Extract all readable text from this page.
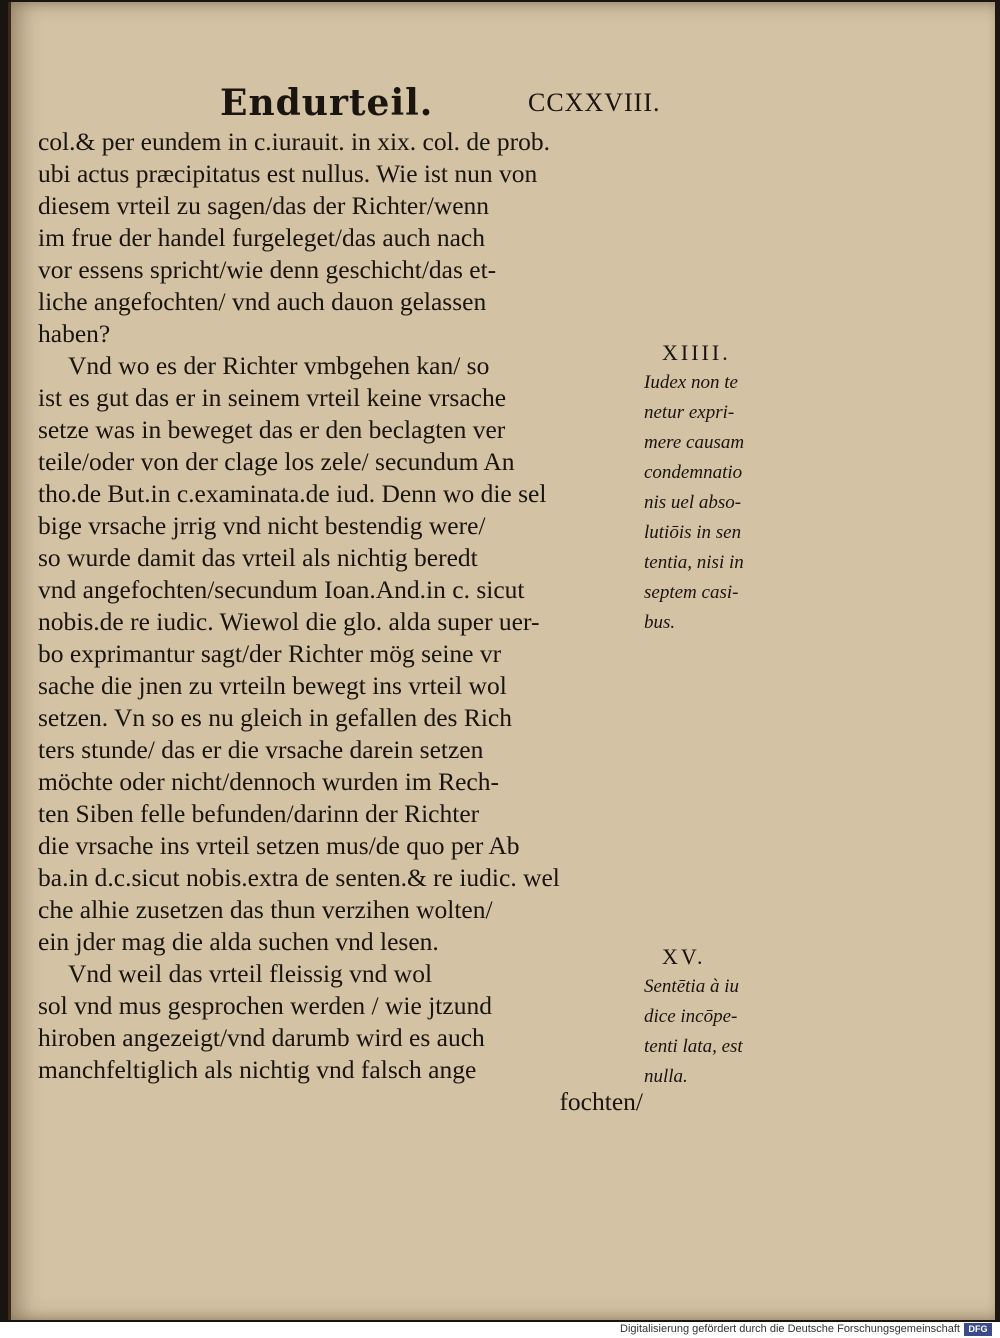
Endurteil.	CCXXVIII.
col.& per eundem in c.iurauit. in xix. col. de prob.
ubi actus præcipitatus est nullus. Wie ist nun von
diesem vrteil zu sagen/das der Richter/wenn
im frue der handel furgeleget/das auch nach
vor essens spricht/wie denn geschicht/das et-
liche angefochten/ vnd auch dauon gelassen
haben?
Vnd wo es der Richter vmbgehen kan/ so
ist es gut das er in seinem vrteil keine vrsache
setze was in beweget das er den beclagten ver
teile/oder von der clage los zele/ secundum An
tho.de But.in c.examinata.de iud. Denn wo die sel
bige vrsache jrrig vnd nicht bestendig were/
so wurde damit das vrteil als nichtig beredt
vnd angefochten/secundum Ioan.And.in c. sicut
nobis.de re iudic. Wiewol die glo. alda super uer-
bo exprimantur sagt/der Richter mög seine vr
sache die jnen zu vrteiln bewegt ins vrteil wol
setzen. Vn so es nu gleich in gefallen des Rich
ters stunde/ das er die vrsache darein setzen
möchte oder nicht/dennoch wurden im Rech-
ten Siben felle befunden/darinn der Richter
die vrsache ins vrteil setzen mus/de quo per Ab
ba.in d.c.sicut nobis.extra de senten.& re iudic. wel
che alhie zusetzen das thun verzihen wolten/
ein jder mag die alda suchen vnd lesen.
Vnd weil das vrteil fleissig vnd wol
sol vnd mus gesprochen werden / wie jtzund
hiroben angezeigt/vnd darumb wird es auch
manchfeltiglich als nichtig vnd falsch ange
fochten/
XIIII.
Iudex non te
netur expri-
mere causam
condemnatio
nis uel abso-
lutiōis in sen
tentia, nisi in
septem casi-
bus.
XV.
Sentētia à iu
dice incōpe-
tenti lata, est
nulla.
Digitalisierung gefördert durch die Deutsche Forschungsgemeinschaft DFG
